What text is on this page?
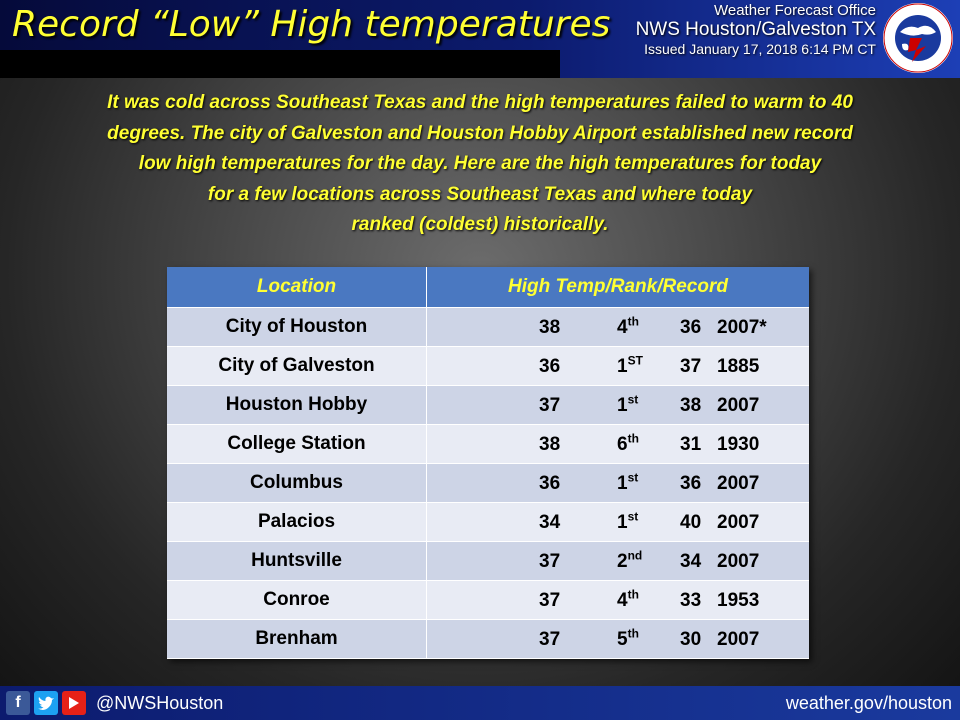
Record “Low” High temperatures	Weather Forecast Office
NWS Houston/Galveston TX
Issued January 17, 2018 6:14 PM CT
It was cold across Southeast Texas and the high temperatures failed to warm to 40
degrees. The city of Galveston and Houston Hobby Airport established new record
low high temperatures for the day. Here are the high temperatures for today
for a few locations across Southeast Texas and where today
ranked (coldest) historically.
Location	High Temp/Rank/Record
City of Houston	38 4th 36 2007*

City of Galveston	36 1ST 37 1885

Houston Hobby	37 1st 38 2007

College Station	38 6th 31 1930

Columbus	36 1st 36 2007

Palacios	34 1st 40 2007

Huntsville	37 2nd 34 2007

Conroe	37 4th 33 1953

Brenham	37 5th 30 2007
f	@NWSHouston	weather.gov/houston
